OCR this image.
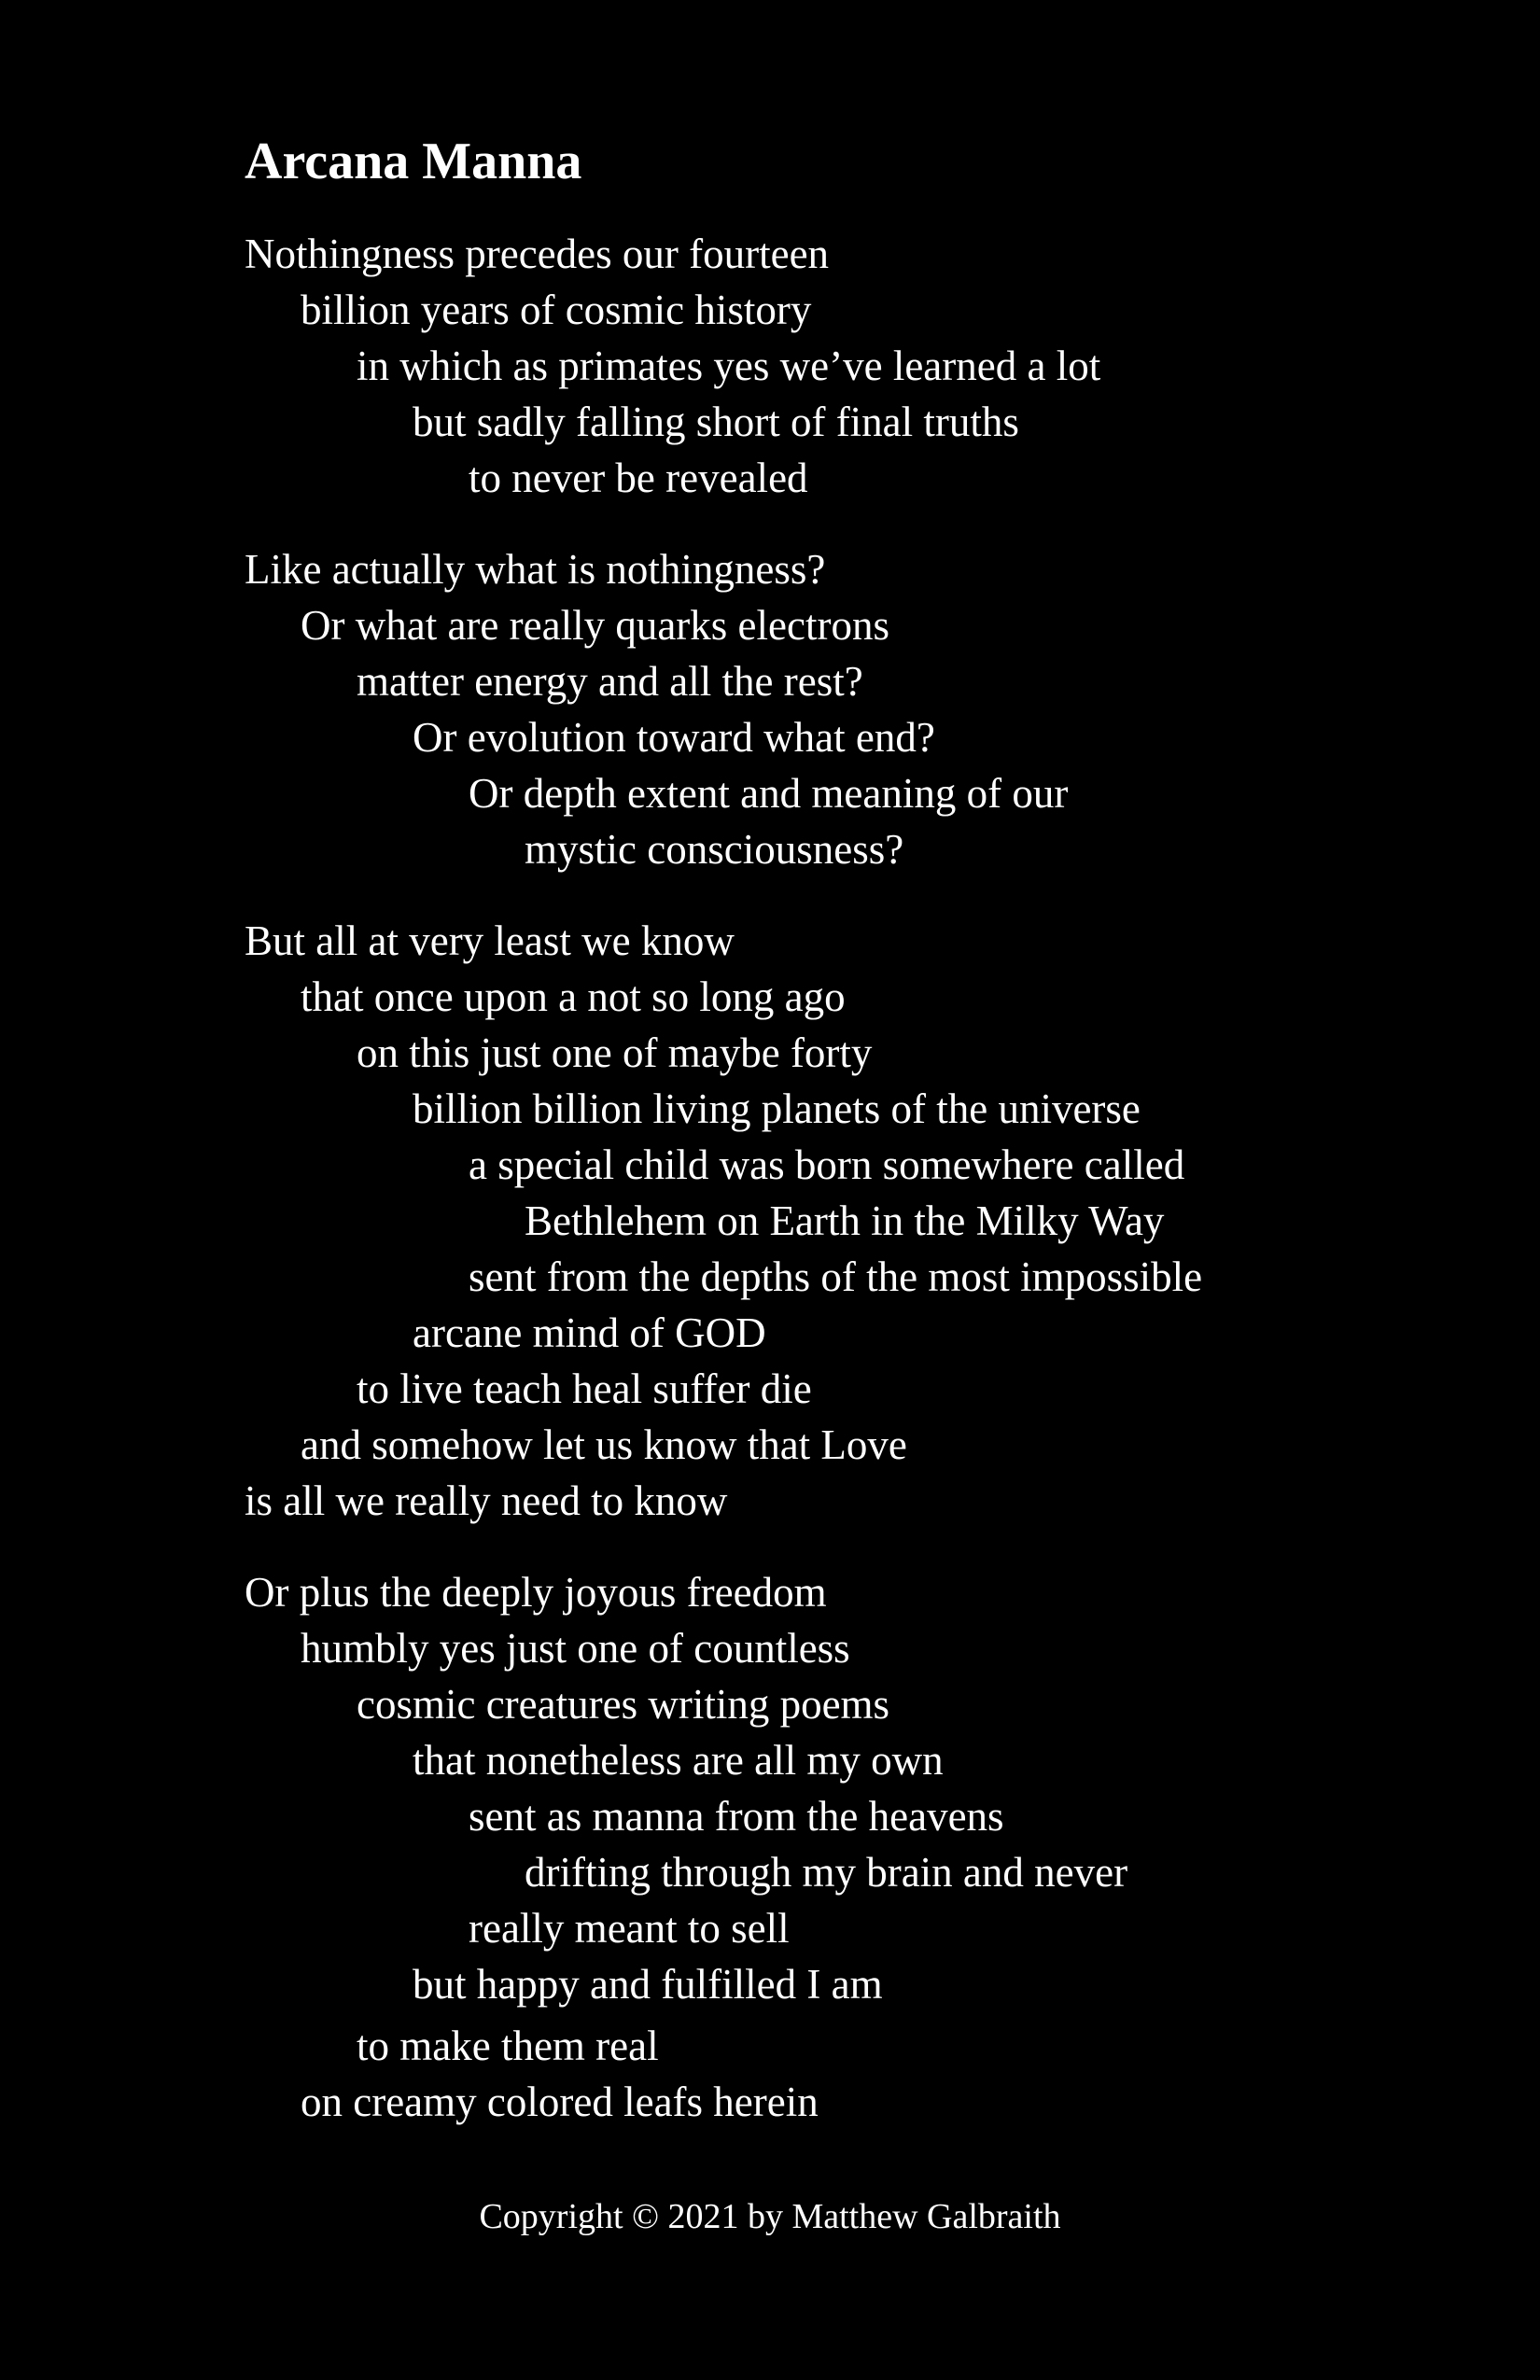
Arcana Manna
Nothingness precedes our fourteen
billion years of cosmic history
in which as primates yes we’ve learned a lot
but sadly falling short of final truths
to never be revealed
Like actually what is nothingness?
Or what are really quarks electrons
matter energy and all the rest?
Or evolution toward what end?
Or depth extent and meaning of our
mystic consciousness?
But all at very least we know
that once upon a not so long ago
on this just one of maybe forty
billion billion living planets of the universe
a special child was born somewhere called
Bethlehem on Earth in the Milky Way
sent from the depths of the most impossible
arcane mind of GOD
to live teach heal suffer die
and somehow let us know that Love
is all we really need to know
Or plus the deeply joyous freedom
humbly yes just one of countless
cosmic creatures writing poems
that nonetheless are all my own
sent as manna from the heavens
drifting through my brain and never
really meant to sell
but happy and fulfilled I am
to make them real
on creamy colored leafs herein
Copyright © 2021 by Matthew Galbraith
